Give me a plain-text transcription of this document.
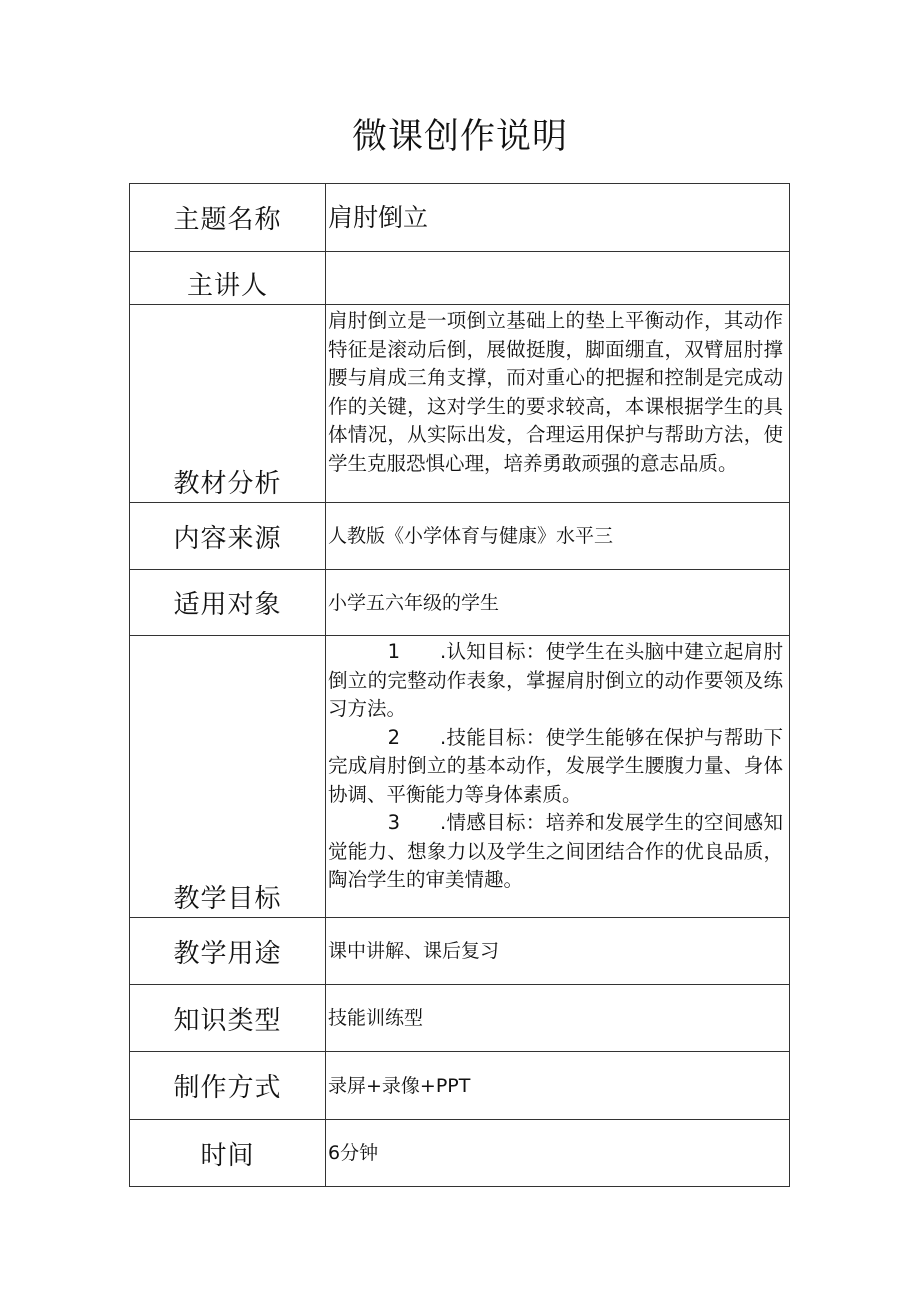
微课创作说明
主题名称	肩肘倒立
主讲人	
教材分析	肩肘倒立是一项倒立基础上的垫上平衡动作，其动作特征是滚动后倒，展做挺腹，脚面绷直，双臂屈肘撑腰与肩成三角支撑，而对重心的把握和控制是完成动作的关键，这对学生的要求较高，本课根据学生的具体情况，从实际出发，合理运用保护与帮助方法，使学生克服恐惧心理，培养勇敢顽强的意志品质。
内容来源	人教版《小学体育与健康》水平三
适用对象	小学五六年级的学生
教学目标	1 .认知目标：使学生在头脑中建立起肩肘倒立的完整动作表象，掌握肩肘倒立的动作要领及练习方法。
2 .技能目标：使学生能够在保护与帮助下完成肩肘倒立的基本动作，发展学生腰腹力量、身体协调、平衡能力等身体素质。
3 .情感目标：培养和发展学生的空间感知觉能力、想象力以及学生之间团结合作的优良品质，陶冶学生的审美情趣。

教学用途	课中讲解、课后复习
知识类型	技能训练型
制作方式	录屏+录像+PPT
时间	6分钟
